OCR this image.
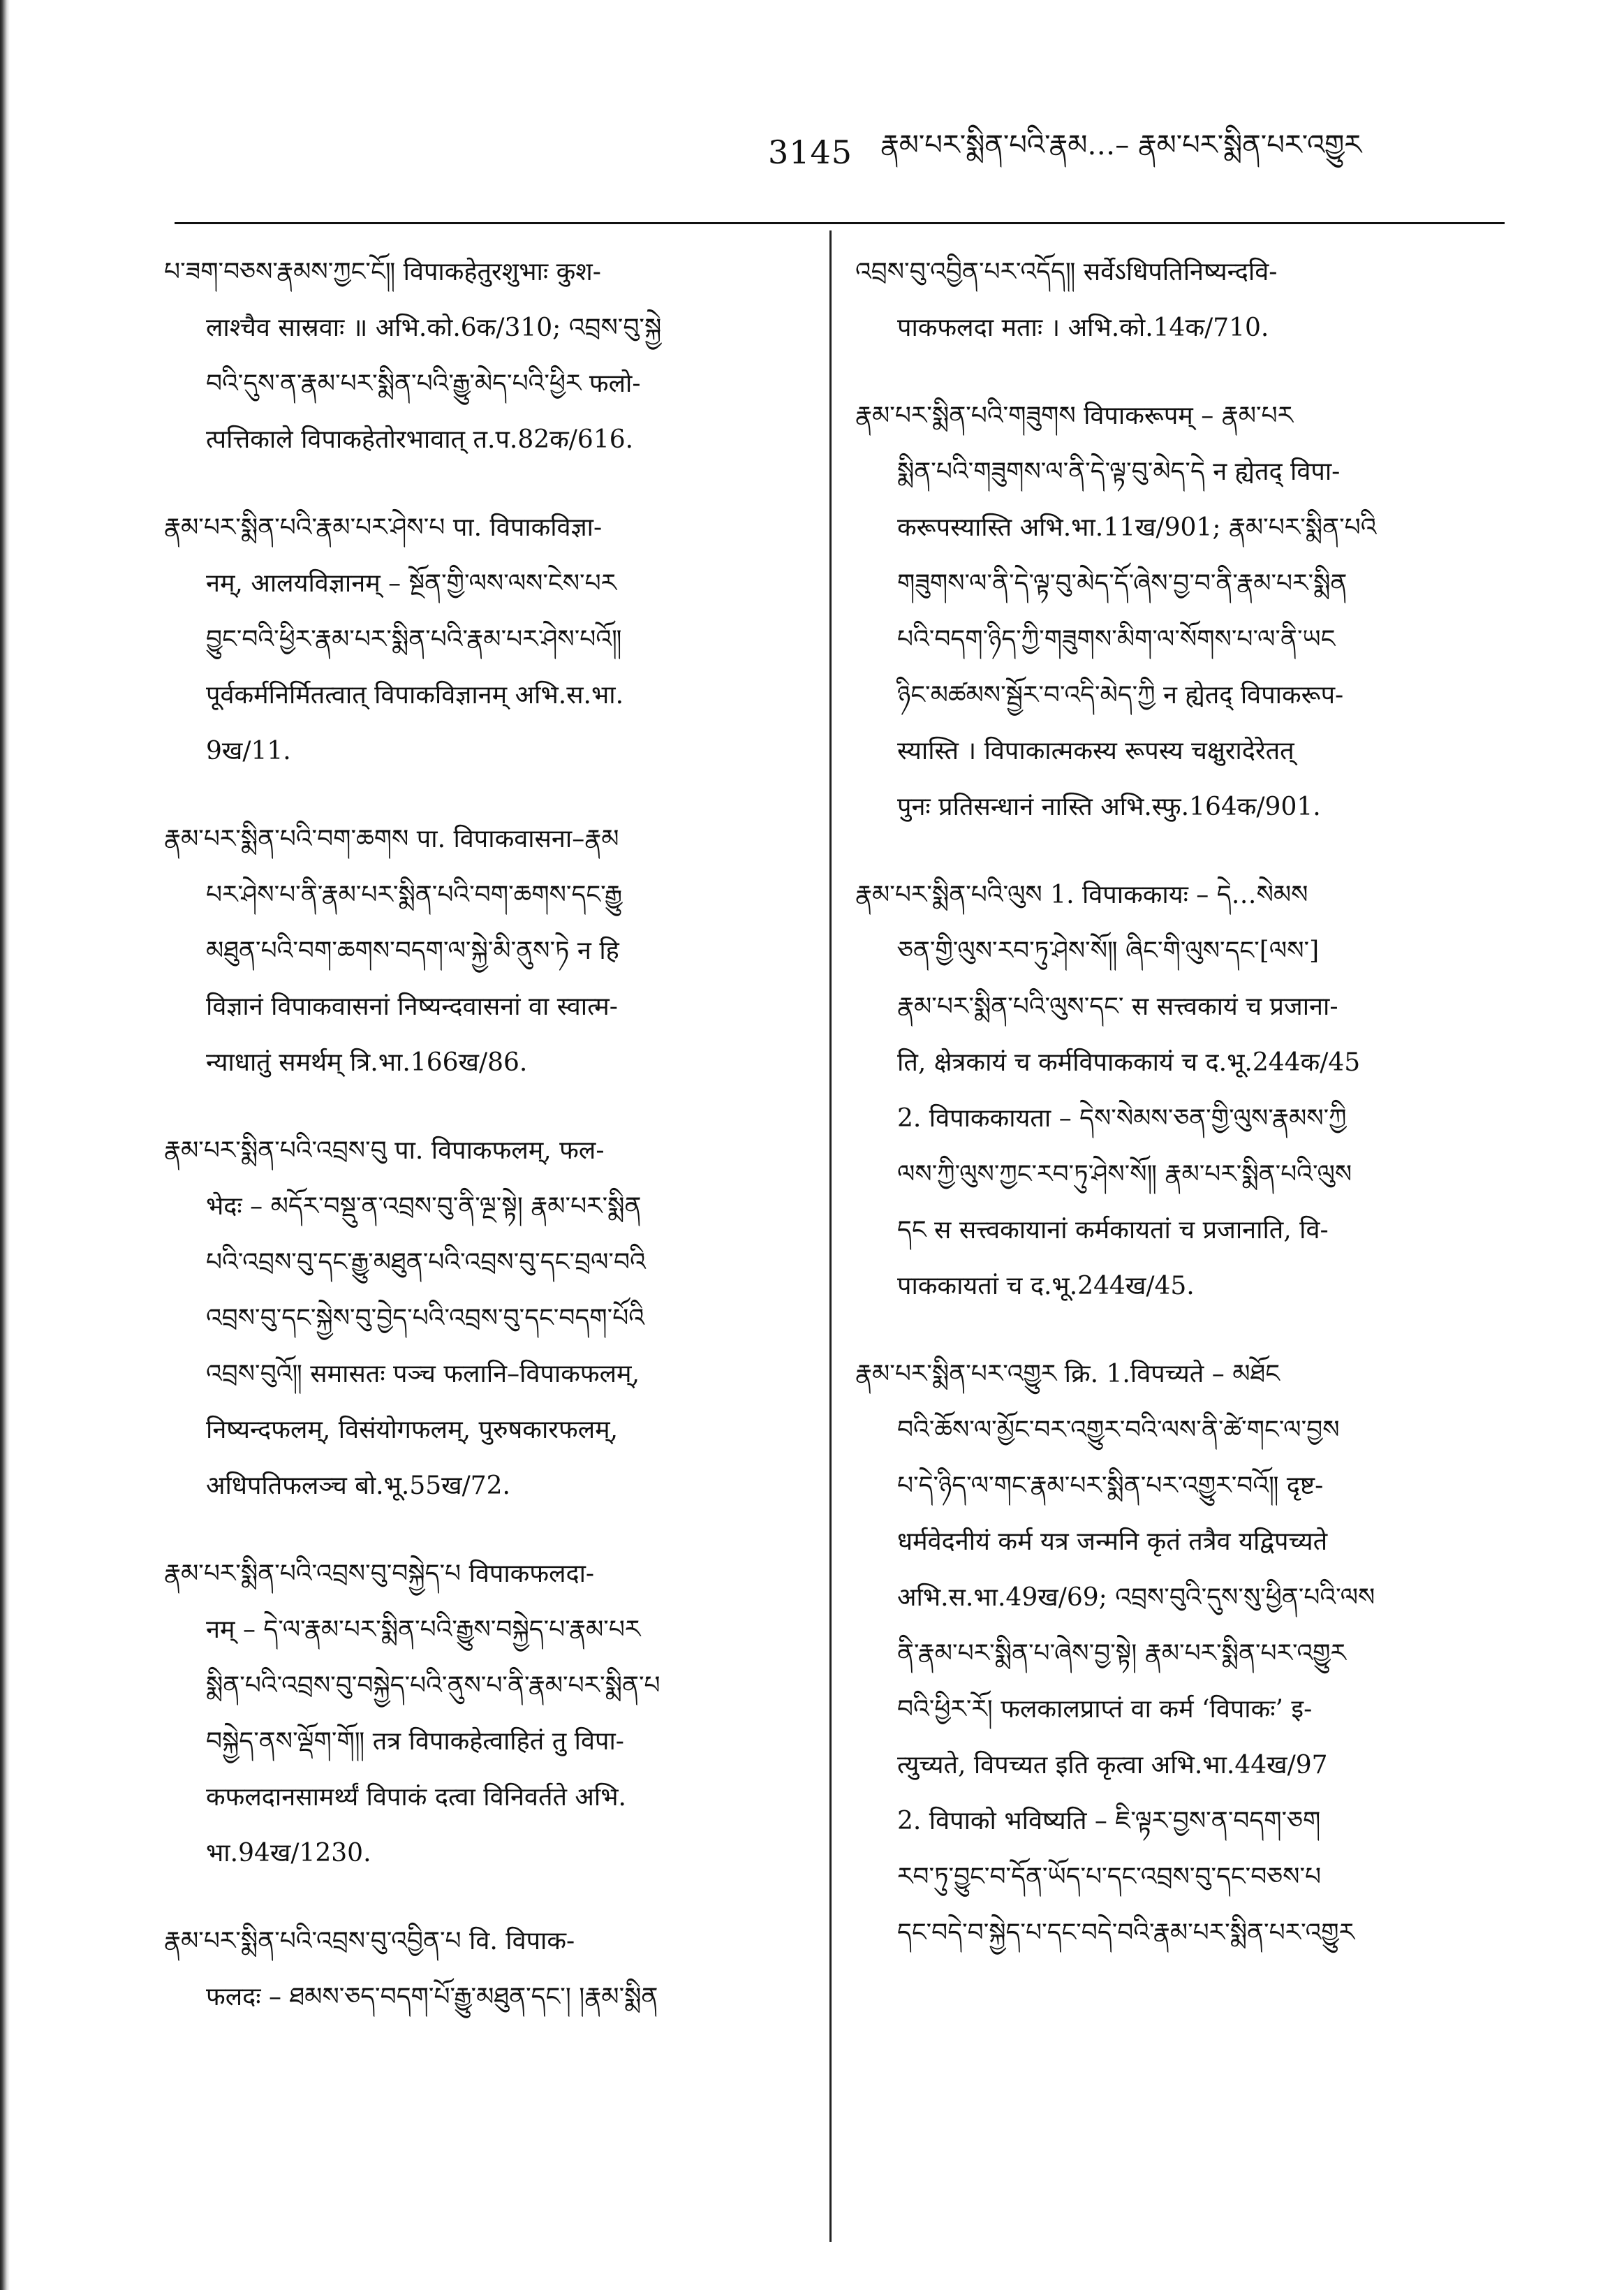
3145 རྣམ་པར་སྨིན་པའི་རྣམ…– རྣམ་པར་སྨིན་པར་འགྱུར
པ་ཟག་བཅས་རྣམས་ཀྱང་ངོ༎ विपाकहेतुरशुभाः कुश-
लाश्चैव सास्रवाः ॥ अभि.को.6क/310; འབྲས་བུ་སྐྱེ
བའི་དུས་ན་རྣམ་པར་སྨིན་པའི་རྒྱུ་མེད་པའི་ཕྱིར फलो-
त्पत्तिकाले विपाकहेतोरभावात् त.प.82क/616.
རྣམ་པར་སྨིན་པའི་རྣམ་པར་ཤེས་པ पा. विपाकविज्ञा-
नम्, आलयविज्ञानम् – སྔོན་གྱི་ལས་ལས་ངེས་པར
བྱུང་བའི་ཕྱིར་རྣམ་པར་སྨིན་པའི་རྣམ་པར་ཤེས་པའོ༎
पूर्वकर्मनिर्मितत्वात् विपाकविज्ञानम् अभि.स.भा.
9ख/11.
རྣམ་པར་སྨིན་པའི་བག་ཆགས पा. विपाकवासना–རྣམ
པར་ཤེས་པ་ནི་རྣམ་པར་སྨིན་པའི་བག་ཆགས་དང་རྒྱུ
མཐུན་པའི་བག་ཆགས་བདག་ལ་སྐྱེ་མི་ནུས་ཏེ न हि
विज्ञानं विपाकवासनां निष्यन्दवासनां वा स्वात्म-
न्याधातुं समर्थम् त्रि.भा.166ख/86.
རྣམ་པར་སྨིན་པའི་འབྲས་བུ पा. विपाकफलम्, फल-
भेदः – མདོར་བསྡུ་ན་འབྲས་བུ་ནི་ལྔ་སྟེ། རྣམ་པར་སྨིན
པའི་འབྲས་བུ་དང་རྒྱུ་མཐུན་པའི་འབྲས་བུ་དང་བྲལ་བའི
འབྲས་བུ་དང་སྐྱེས་བུ་བྱེད་པའི་འབྲས་བུ་དང་བདག་པོའི
འབྲས་བུའོ༎ समासतः पञ्च फलानि–विपाकफलम्,
निष्यन्दफलम्, विसंयोगफलम्, पुरुषकारफलम्,
अधिपतिफलञ्च बो.भू.55ख/72.
རྣམ་པར་སྨིན་པའི་འབྲས་བུ་བསྐྱེད་པ विपाकफलदा-
नम् – དེ་ལ་རྣམ་པར་སྨིན་པའི་རྒྱུས་བསྐྱེད་པ་རྣམ་པར
སྨིན་པའི་འབྲས་བུ་བསྐྱེད་པའི་ནུས་པ་ནི་རྣམ་པར་སྨིན་པ
བསྐྱེད་ནས་ལྡོག་གོ༎ तत्र विपाकहेत्वाहितं तु विपा-
कफलदानसामर्थ्यं विपाकं दत्वा विनिवर्तते अभि.
भा.94ख/1230.
རྣམ་པར་སྨིན་པའི་འབྲས་བུ་འབྱིན་པ वि. विपाक-
फलदः – ཐམས་ཅད་བདག་པོ་རྒྱུ་མཐུན་དང་། །རྣམ་སྨིན
འབྲས་བུ་འབྱིན་པར་འདོད༎ सर्वेऽधिपतिनिष्यन्दवि-
पाकफलदा मताः । अभि.को.14क/710.
རྣམ་པར་སྨིན་པའི་གཟུགས विपाकरूपम् – རྣམ་པར
སྨིན་པའི་གཟུགས་ལ་ནི་དེ་ལྟ་བུ་མེད་དེ न ह्येतद् विपा-
करूपस्यास्ति अभि.भा.11ख/901; རྣམ་པར་སྨིན་པའི
གཟུགས་ལ་ནི་དེ་ལྟ་བུ་མེད་དོ་ཞེས་བྱ་བ་ནི་རྣམ་པར་སྨིན
པའི་བདག་ཉིད་ཀྱི་གཟུགས་མིག་ལ་སོགས་པ་ལ་ནི་ཡང
ཉིང་མཚམས་སྦྱོར་བ་འདི་མེད་ཀྱི न ह्येतद् विपाकरूप-
स्यास्ति । विपाकात्मकस्य रूपस्य चक्षुरादेरेतत्
पुनः प्रतिसन्धानं नास्ति अभि.स्फु.164क/901.
རྣམ་པར་སྨིན་པའི་ལུས 1. विपाककायः – དེ…སེམས
ཅན་གྱི་ལུས་རབ་ཏུ་ཤེས་སོ༎ ཞིང་གི་ལུས་དང་[ལས་]
རྣམ་པར་སྨིན་པའི་ལུས་དང་ स सत्त्वकायं च प्रजाना-
ति, क्षेत्रकायं च कर्मविपाककायं च द.भू.244क/45
2. विपाककायता – དེས་སེམས་ཅན་གྱི་ལུས་རྣམས་ཀྱི
ལས་ཀྱི་ལུས་ཀྱང་རབ་ཏུ་ཤེས་སོ༎ རྣམ་པར་སྨིན་པའི་ལུས
དང स सत्त्वकायानां कर्मकायतां च प्रजानाति, वि-
पाककायतां च द.भू.244ख/45.
རྣམ་པར་སྨིན་པར་འགྱུར क्रि. 1.विपच्यते – མཐོང
བའི་ཆོས་ལ་མྱོང་བར་འགྱུར་བའི་ལས་ནི་ཚེ་གང་ལ་བྱས
པ་དེ་ཉིད་ལ་གང་རྣམ་པར་སྨིན་པར་འགྱུར་བའོ༎ दृष्ट-
धर्मवेदनीयं कर्म यत्र जन्मनि कृतं तत्रैव यद्विपच्यते
अभि.स.भा.49ख/69; འབྲས་བུའི་དུས་སུ་ཕྱིན་པའི་ལས
ནི་རྣམ་པར་སྨིན་པ་ཞེས་བྱ་སྟེ། རྣམ་པར་སྨིན་པར་འགྱུར
བའི་ཕྱིར་རོ། फलकालप्राप्तं वा कर्म ‘विपाकः’ इ-
त्युच्यते, विपच्यत इति कृत्वा अभि.भा.44ख/97
2. विपाको भविष्यति – ཇི་ལྟར་བྱས་ན་བདག་ཅག
རབ་ཏུ་བྱུང་བ་དོན་ཡོད་པ་དང་འབྲས་བུ་དང་བཅས་པ
དང་བདེ་བ་སྐྱེད་པ་དང་བདེ་བའི་རྣམ་པར་སྨིན་པར་འགྱུར
